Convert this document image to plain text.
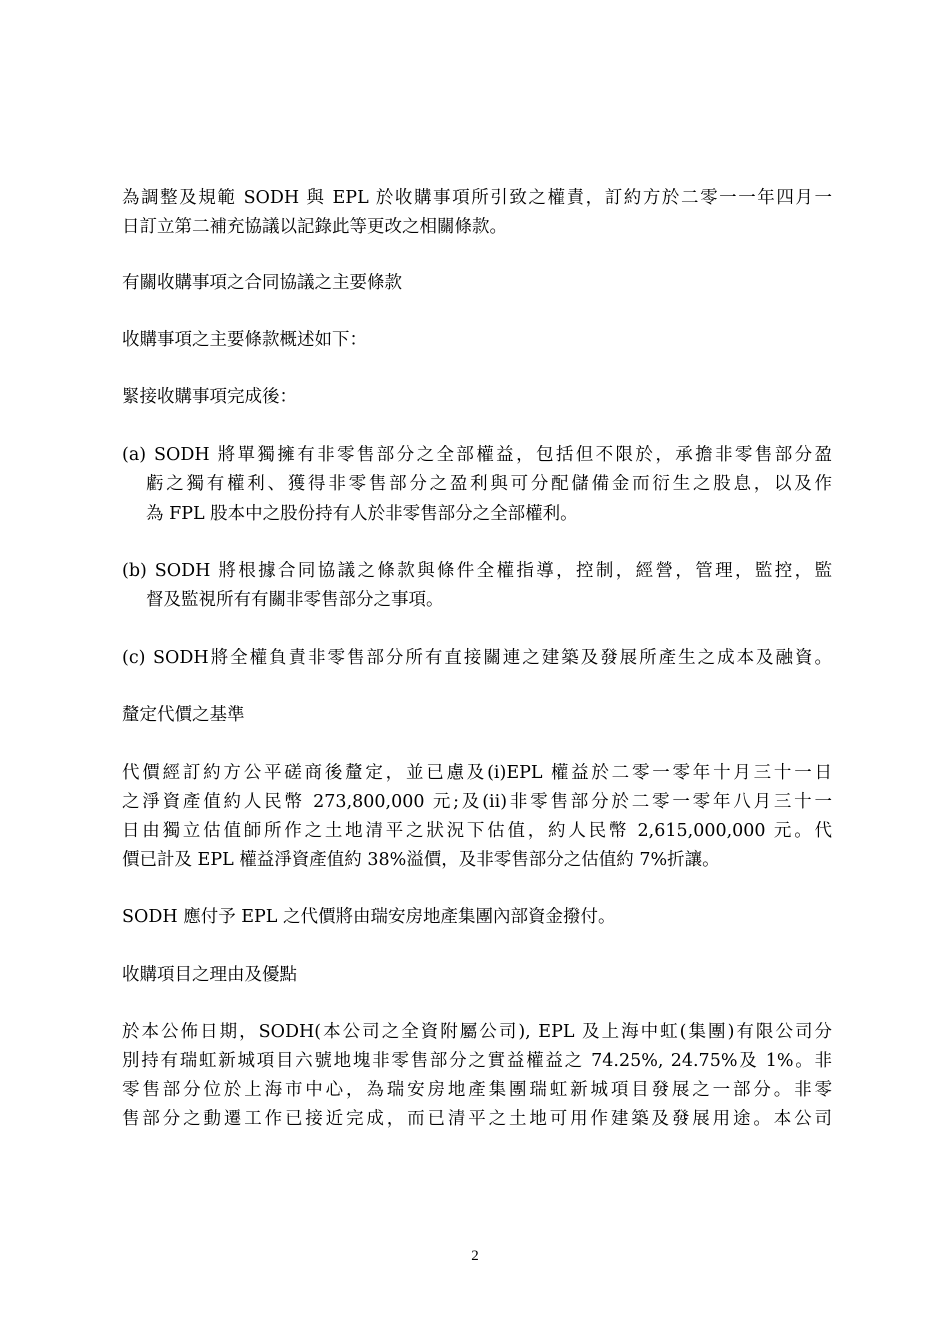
為調整及規範 SODH 與 EPL 於收購事項所引致之權責，訂約方於二零一一年四月一
日訂立第二補充協議以記錄此等更改之相關條款。
有關收購事項之合同協議之主要條款
收購事項之主要條款概述如下：
緊接收購事項完成後：
(a) SODH 將單獨擁有非零售部分之全部權益，包括但不限於，承擔非零售部分盈
虧之獨有權利、獲得非零售部分之盈利與可分配儲備金而衍生之股息，以及作
為 FPL 股本中之股份持有人於非零售部分之全部權利。
(b) SODH 將根據合同協議之條款與條件全權指導，控制，經營，管理，監控，監
督及監視所有有關非零售部分之事項。
(c) SODH將全權負責非零售部分所有直接關連之建築及發展所產生之成本及融資。
釐定代價之基準
代價經訂約方公平磋商後釐定，並已慮及(i)EPL 權益於二零一零年十月三十一日
之淨資產值約人民幣 273,800,000 元;及(ii)非零售部分於二零一零年八月三十一
日由獨立估值師所作之土地清平之狀況下估值，約人民幣 2,615,000,000 元。代
價已計及 EPL 權益淨資產值約 38%溢價，及非零售部分之估值約 7%折讓。
SODH 應付予 EPL 之代價將由瑞安房地產集團內部資金撥付。
收購項目之理由及優點
於本公佈日期，SODH(本公司之全資附屬公司), EPL 及上海中虹(集團)有限公司分
別持有瑞虹新城項目六號地塊非零售部分之實益權益之 74.25%, 24.75%及 1%。非
零售部分位於上海市中心，為瑞安房地產集團瑞虹新城項目發展之一部分。非零
售部分之動遷工作已接近完成，而已清平之土地可用作建築及發展用途。本公司
2
